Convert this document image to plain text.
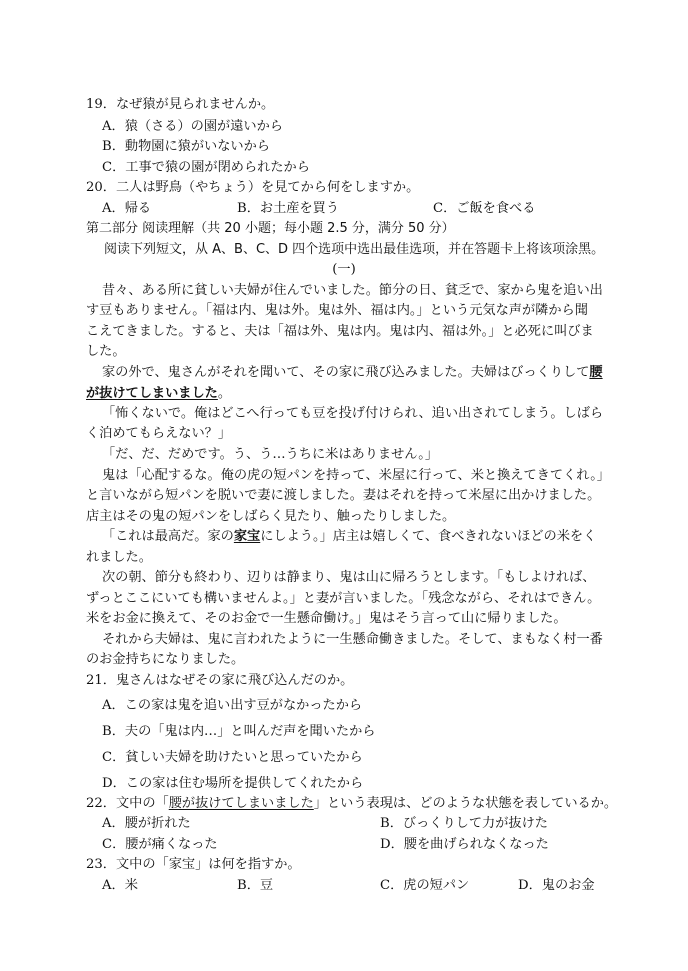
19．なぜ猿が見られませんか。
A．猿（さる）の園が遠いから
B．動物園に猿がいないから
C．工事で猿の園が閉められたから
20．二人は野鳥（やちょう）を見てから何をしますか。
A．帰る	B．お土産を買う	C．ご飯を食べる
第二部分 阅读理解（共 20 小题；每小题 2.5 分，满分 50 分）
阅读下列短文，从 A、B、C、D 四个选项中选出最佳选项，并在答题卡上将该项涂黑。
(一)
昔々、ある所に貧しい夫婦が住んでいました。節分の日、貧乏で、家から鬼を追い出
す豆もありません。「福は内、鬼は外。鬼は外、福は内。」という元気な声が隣から聞
こえてきました。すると、夫は「福は外、鬼は内。鬼は内、福は外。」と必死に叫びま
した。
家の外で、鬼さんがそれを聞いて、その家に飛び込みました。夫婦はびっくりして腰
が抜けてしまいました。
「怖くないで。俺はどこへ行っても豆を投げ付けられ、追い出されてしまう。しばら
く泊めてもらえない？」
「だ、だ、だめです。う、う…うちに米はありません。」
鬼は「心配するな。俺の虎の短パンを持って、米屋に行って、米と換えてきてくれ。」
と言いながら短パンを脱いで妻に渡しました。妻はそれを持って米屋に出かけました。
店主はその鬼の短パンをしばらく見たり、触ったりしました。
「これは最高だ。家の家宝にしよう。」店主は嬉しくて、食べきれないほどの米をく
れました。
次の朝、節分も終わり、辺りは静まり、鬼は山に帰ろうとします。「もしよければ、
ずっとここにいても構いませんよ。」と妻が言いました。「残念ながら、それはできん。
米をお金に換えて、そのお金で一生懸命働け。」鬼はそう言って山に帰りました。
それから夫婦は、鬼に言われたように一生懸命働きました。そして、まもなく村一番
のお金持ちになりました。
21．鬼さんはなぜその家に飛び込んだのか。
A．この家は鬼を追い出す豆がなかったから
B．夫の「鬼は内…」と叫んだ声を聞いたから
C．貧しい夫婦を助けたいと思っていたから
D．この家は住む場所を提供してくれたから
22．文中の「腰が抜けてしまいました」という表現は、どのような状態を表しているか。
A．腰が折れた	B．びっくりして力が抜けた
C．腰が痛くなった	D．腰を曲げられなくなった
23．文中の「家宝」は何を指すか。
A．米	B．豆	C．虎の短パン	D．鬼のお金
